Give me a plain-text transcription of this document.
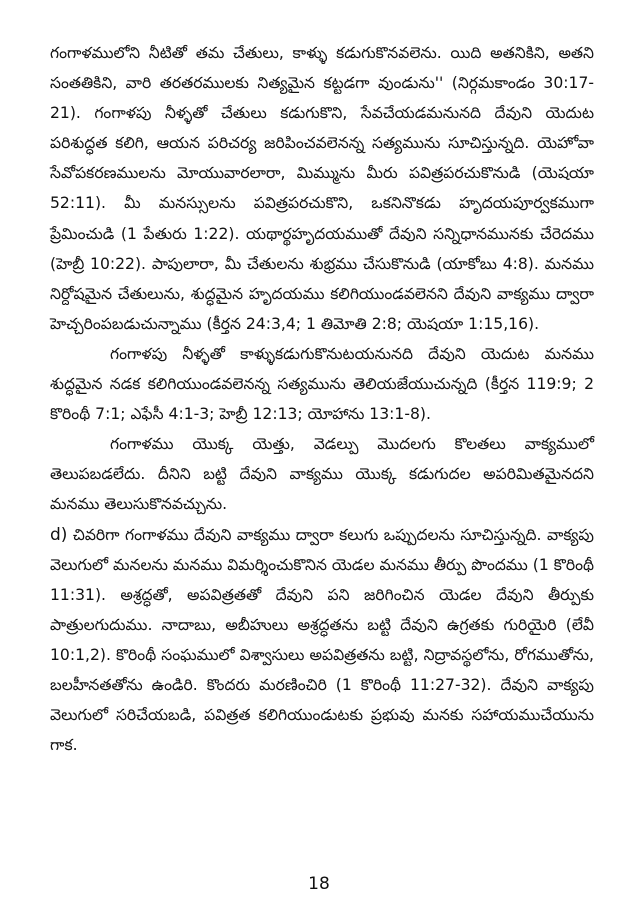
గంగాళములోని నీటితో తమ చేతులు, కాళ్ళు కడుగుకొనవలెను. యిది అతనికిని, అతని సంతతికిని, వారి తరతరములకు నిత్యమైన కట్టడగా వుండును'' (నిర్గమకాండం 30:17-21). గంగాళపు నీళ్ళతో చేతులు కడుగుకొని, సేవచేయడమనునది దేవుని యెదుట పరిశుద్ధత కలిగి, ఆయన పరిచర్య జరిపించవలెనన్న సత్యమును సూచిస్తున్నది. యెహోవా సేవోపకరణములను మోయువారలారా, మిమ్మును మీరు పవిత్రపరచుకొనుడి (యెషయా 52:11). మీ మనస్సులను పవిత్రపరచుకొని, ఒకనినొకడు హృదయపూర్వకముగా ప్రేమించుడి (1 పేతురు 1:22). యథార్థహృదయముతో దేవుని సన్నిధానమునకు చేరెదము (హెబ్రీ 10:22). పాపులారా, మీ చేతులను శుభ్రము చేసుకొనుడి (యాకోబు 4:8). మనము నిర్దోషమైన చేతులును, శుద్ధమైన హృదయము కలిగియుండవలెనని దేవుని వాక్యము ద్వారా హెచ్చరింపబడుచున్నాము (కీర్తన 24:3,4; 1 తిమోతి 2:8; యెషయా 1:15,16).

గంగాళపు నీళ్ళతో కాళ్ళుకడుగుకొనుటయనునది దేవుని యెదుట మనము శుద్ధమైన నడక కలిగియుండవలెనన్న సత్యమును తెలియజేయుచున్నది (కీర్తన 119:9; 2 కొరింథీ 7:1; ఎఫేసీ 4:1-3; హెబ్రీ 12:13; యోహాను 13:1-8).

గంగాళము యొక్క యెత్తు, వెడల్పు మొదలగు కొలతలు వాక్యములో తెలుపబడలేదు. దీనిని బట్టి దేవుని వాక్యము యొక్క కడుగుదల అపరిమితమైనదని మనము తెలుసుకొనవచ్చును.

d) చివరిగా గంగాళము దేవుని వాక్యము ద్వారా కలుగు ఒప్పుదలను సూచిస్తున్నది. వాక్యపు వెలుగులో మనలను మనము విమర్శించుకొనిన యెడల మనము తీర్పు పొందము (1 కొరింథీ 11:31). అశ్రద్ధతో, అపవిత్రతతో దేవుని పని జరిగించిన యెడల దేవుని తీర్పుకు పాత్రులగుదుము. నాదాబు, అబీహులు అశ్రద్ధతను బట్టి దేవుని ఉగ్రతకు గురియైరి (లేవీ 10:1,2). కొరింథీ సంఘములో విశ్వాసులు అపవిత్రతను బట్టి, నిద్రావస్థలోను, రోగముతోను, బలహీనతతోను ఉండిరి. కొందరు మరణించిరి (1 కొరింథీ 11:27-32). దేవుని వాక్యపు వెలుగులో సరిచేయబడి, పవిత్రత కలిగియుండుటకు ప్రభువు మనకు సహాయముచేయును గాక.

18
